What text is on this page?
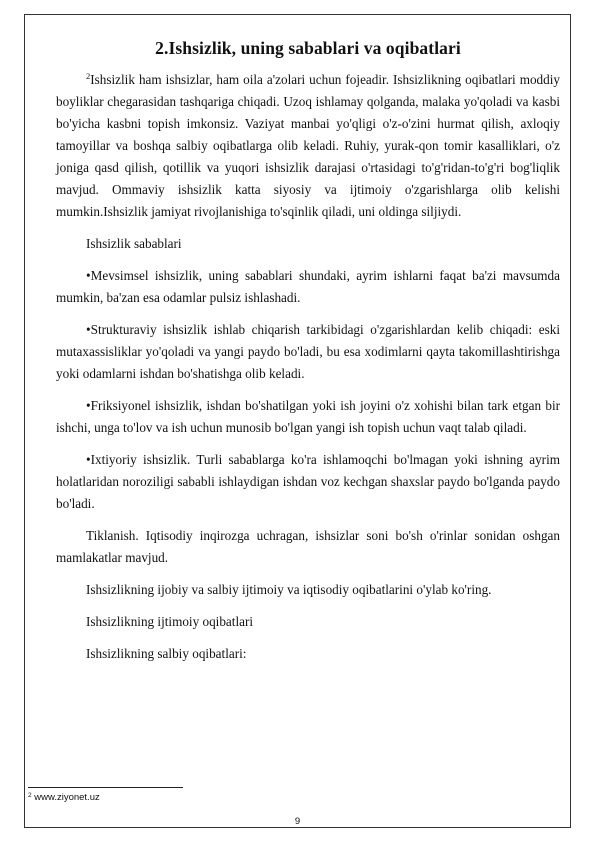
2.Ishsizlik, uning sabablari va oqibatlari

$^2$Ishsizlik ham ishsizlar, ham oila a'zolari uchun fojeadir. Ishsizlikning oqibatlari moddiy boyliklar chegarasidan tashqariga chiqadi. Uzoq ishlamay qolganda, malaka yo'qoladi va kasbi bo'yicha kasbni topish imkonsiz. Vaziyat manbai yo'qligi o'z-o'zini hurmat qilish, axloqiy tamoyillar va boshqa salbiy oqibatlarga olib keladi. Ruhiy, yurak-qon tomir kasalliklari, o'z joniga qasd qilish, qotillik va yuqori ishsizlik darajasi o'rtasidagi to'g'ridan-to'g'ri bog'liqlik mavjud. Ommaviy ishsizlik katta siyosiy va ijtimoiy o'zgarishlarga olib kelishi mumkin.Ishsizlik jamiyat rivojlanishiga to'sqinlik qiladi, uni oldinga siljiydi.

Ishsizlik sabablari

•Mevsimsel ishsizlik, uning sabablari shundaki, ayrim ishlarni faqat ba'zi mavsumda mumkin, ba'zan esa odamlar pulsiz ishlashadi.

•Strukturaviy ishsizlik ishlab chiqarish tarkibidagi o'zgarishlardan kelib chiqadi: eski mutaxassisliklar yo'qoladi va yangi paydo bo'ladi, bu esa xodimlarni qayta takomillashtirishga yoki odamlarni ishdan bo'shatishga olib keladi.

•Friksiyonel ishsizlik, ishdan bo'shatilgan yoki ish joyini o'z xohishi bilan tark etgan bir ishchi, unga to'lov va ish uchun munosib bo'lgan yangi ish topish uchun vaqt talab qiladi.

•Ixtiyoriy ishsizlik. Turli sabablarga ko'ra ishlamoqchi bo'lmagan yoki ishning ayrim holatlaridan noroziligi sababli ishlaydigan ishdan voz kechgan shaxslar paydo bo'lganda paydo bo'ladi.

Tiklanish. Iqtisodiy inqirozga uchragan, ishsizlar soni bo'sh o'rinlar sonidan oshgan mamlakatlar mavjud.

Ishsizlikning ijobiy va salbiy ijtimoiy va iqtisodiy oqibatlarini o'ylab ko'ring.

Ishsizlikning ijtimoiy oqibatlari

Ishsizlikning salbiy oqibatlari:

$^2$ www.ziyonet.uz
9
